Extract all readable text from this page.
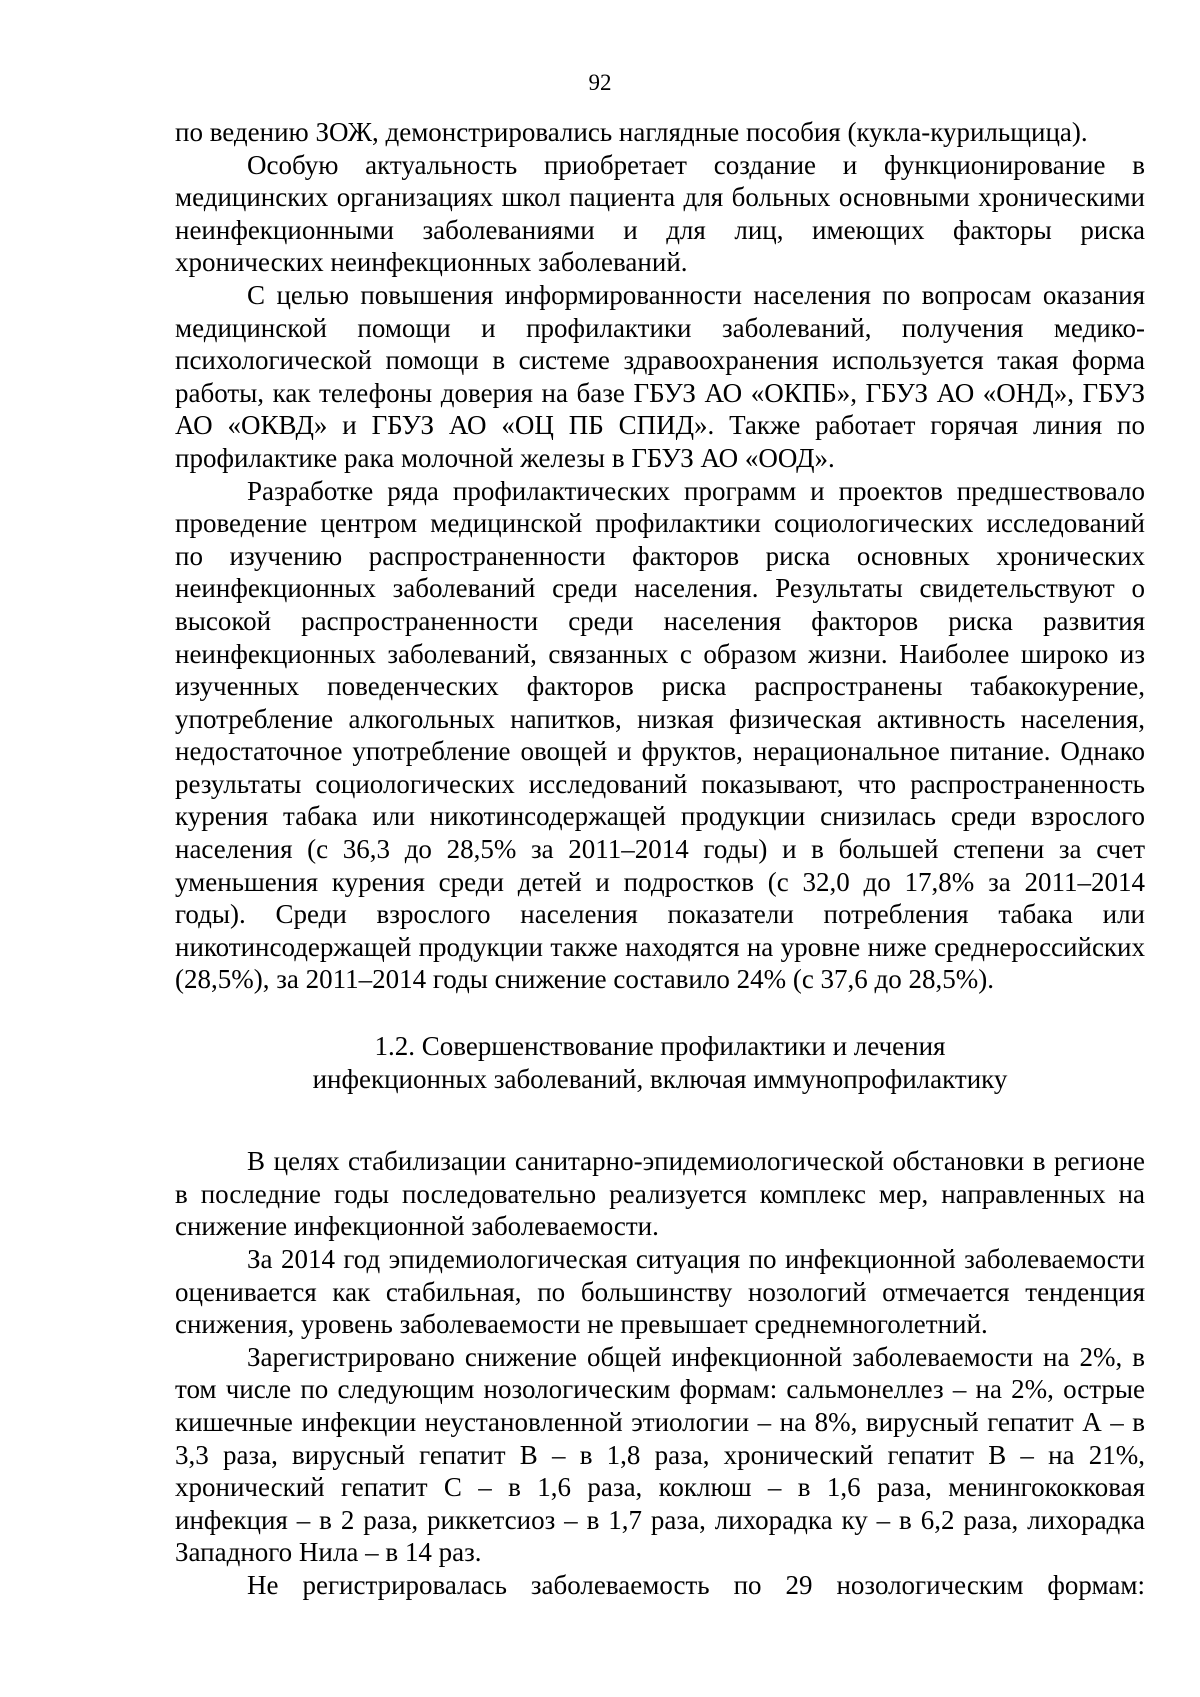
92

по ведению ЗОЖ, демонстрировались наглядные пособия (кукла-курильщица).

Особую актуальность приобретает создание и функционирование в медицинских организациях школ пациента для больных основными хроническими неинфекционными заболеваниями и для лиц, имеющих факторы риска хронических неинфекционных заболеваний.

С целью повышения информированности населения по вопросам оказания медицинской помощи и профилактики заболеваний, получения медико-психологической помощи в системе здравоохранения используется такая форма работы, как телефоны доверия на базе ГБУЗ АО «ОКПБ», ГБУЗ АО «ОНД», ГБУЗ АО «ОКВД» и ГБУЗ АО «ОЦ ПБ СПИД». Также работает горячая линия по профилактике рака молочной железы в ГБУЗ АО «ООД».

Разработке ряда профилактических программ и проектов предшествовало проведение центром медицинской профилактики социологических исследований по изучению распространенности факторов риска основных хронических неинфекционных заболеваний среди населения. Результаты свидетельствуют о высокой распространенности среди населения факторов риска развития неинфекционных заболеваний, связанных с образом жизни. Наиболее широко из изученных поведенческих факторов риска распространены табакокурение, употребление алкогольных напитков, низкая физическая активность населения, недостаточное употребление овощей и фруктов, нерациональное питание. Однако результаты социологических исследований показывают, что распространенность курения табака или никотинсодержащей продукции снизилась среди взрослого населения (с 36,3 до 28,5% за 2011–2014 годы) и в большей степени за счет уменьшения курения среди детей и подростков (с 32,0 до 17,8% за 2011–2014 годы). Среди взрослого населения показатели потребления табака или никотинсодержащей продукции также находятся на уровне ниже среднероссийских (28,5%), за 2011–2014 годы снижение составило 24% (с 37,6 до 28,5%).

1.2. Совершенствование профилактики и лечения
инфекционных заболеваний, включая иммунопрофилактику

В целях стабилизации санитарно-эпидемиологической обстановки в регионе в последние годы последовательно реализуется комплекс мер, направленных на снижение инфекционной заболеваемости.

За 2014 год эпидемиологическая ситуация по инфекционной заболеваемости оценивается как стабильная, по большинству нозологий отмечается тенденция снижения, уровень заболеваемости не превышает среднемноголетний.

Зарегистрировано снижение общей инфекционной заболеваемости на 2%, в том числе по следующим нозологическим формам: сальмонеллез – на 2%, острые кишечные инфекции неустановленной этиологии – на 8%, вирусный гепатит А – в 3,3 раза, вирусный гепатит В – в 1,8 раза, хронический гепатит В – на 21%, хронический гепатит С – в 1,6 раза, коклюш – в 1,6 раза, менингококковая инфекция – в 2 раза, риккетсиоз – в 1,7 раза, лихорадка ку – в 6,2 раза, лихорадка Западного Нила – в 14 раз.

Не регистрировалась заболеваемость по 29 нозологическим формам:
